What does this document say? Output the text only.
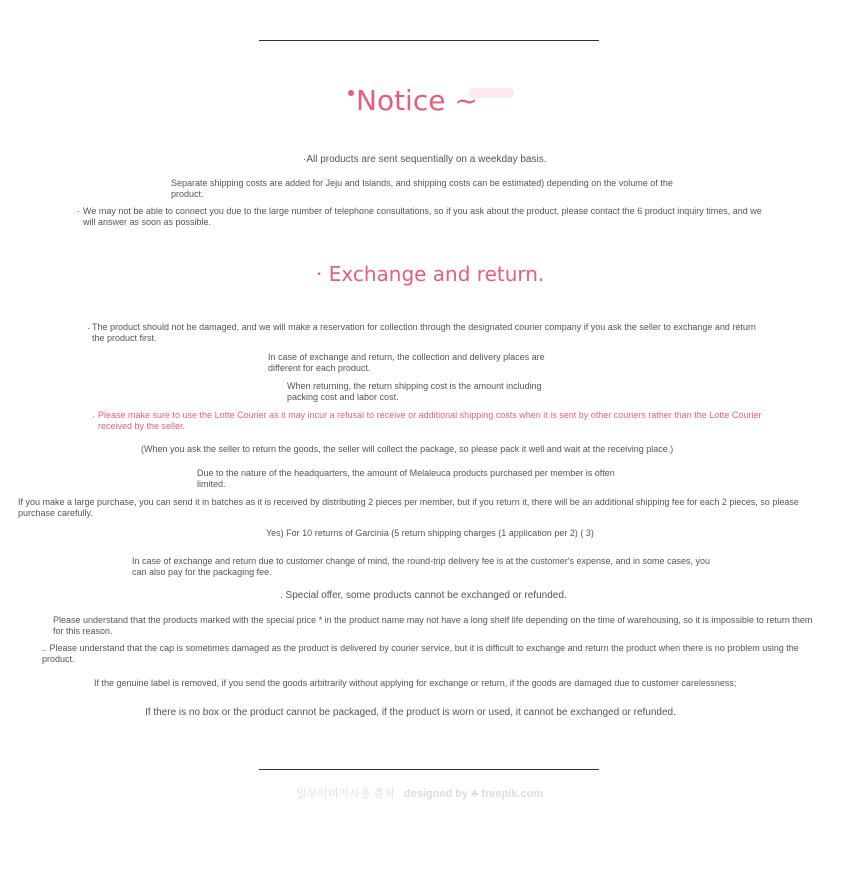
Notice ~
·All products are sent sequentially on a weekday basis.
Separate shipping costs are added for Jeju and Islands, and shipping costs can be estimated) depending on the volume of the product.
· We may not be able to connect you due to the large number of telephone consultations, so if you ask about the product, please contact the 6 product inquiry times, and we will answer as soon as possible.
· Exchange and return.
· The product should not be damaged, and we will make a reservation for collection through the designated courier company if you ask the seller to exchange and return the product first.
In case of exchange and return, the collection and delivery places are different for each product.
When returning, the return shipping cost is the amount including packing cost and labor cost.
· Please make sure to use the Lotte Courier as it may incur a refusal to receive or additional shipping costs when it is sent by other couriers rather than the Lotte Courier received by the seller.
(When you ask the seller to return the goods, the seller will collect the package, so please pack it well and wait at the receiving place.)
Due to the nature of the headquarters, the amount of Melaleuca products purchased per member is often limited.
If you make a large purchase, you can send it in batches as it is received by distributing 2 pieces per member, but if you return it, there will be an additional shipping fee for each 2 pieces, so please purchase carefully.
Yes) For 10 returns of Garcinia (5 return shipping charges (1 application per 2) ( 3)
In case of exchange and return due to customer change of mind, the round-trip delivery fee is at the customer's expense, and in some cases, you can also pay for the packaging fee.
. Special offer, some products cannot be exchanged or refunded.
Please understand that the products marked with the special price * in the product name may not have a long shelf life depending on the time of warehousing, so it is impossible to return them for this reason.
.. Please understand that the cap is sometimes damaged as the product is delivered by courier service, but it is difficult to exchange and return the product when there is no problem using the product.
If the genuine label is removed, if you send the goods arbitrarily without applying for exchange or return, if the goods are damaged due to customer carelessness;
If there is no box or the product cannot be packaged, if the product is worn or used, it cannot be exchanged or refunded.
일부이미지사용 출처 designed by ♣ freepik.com
